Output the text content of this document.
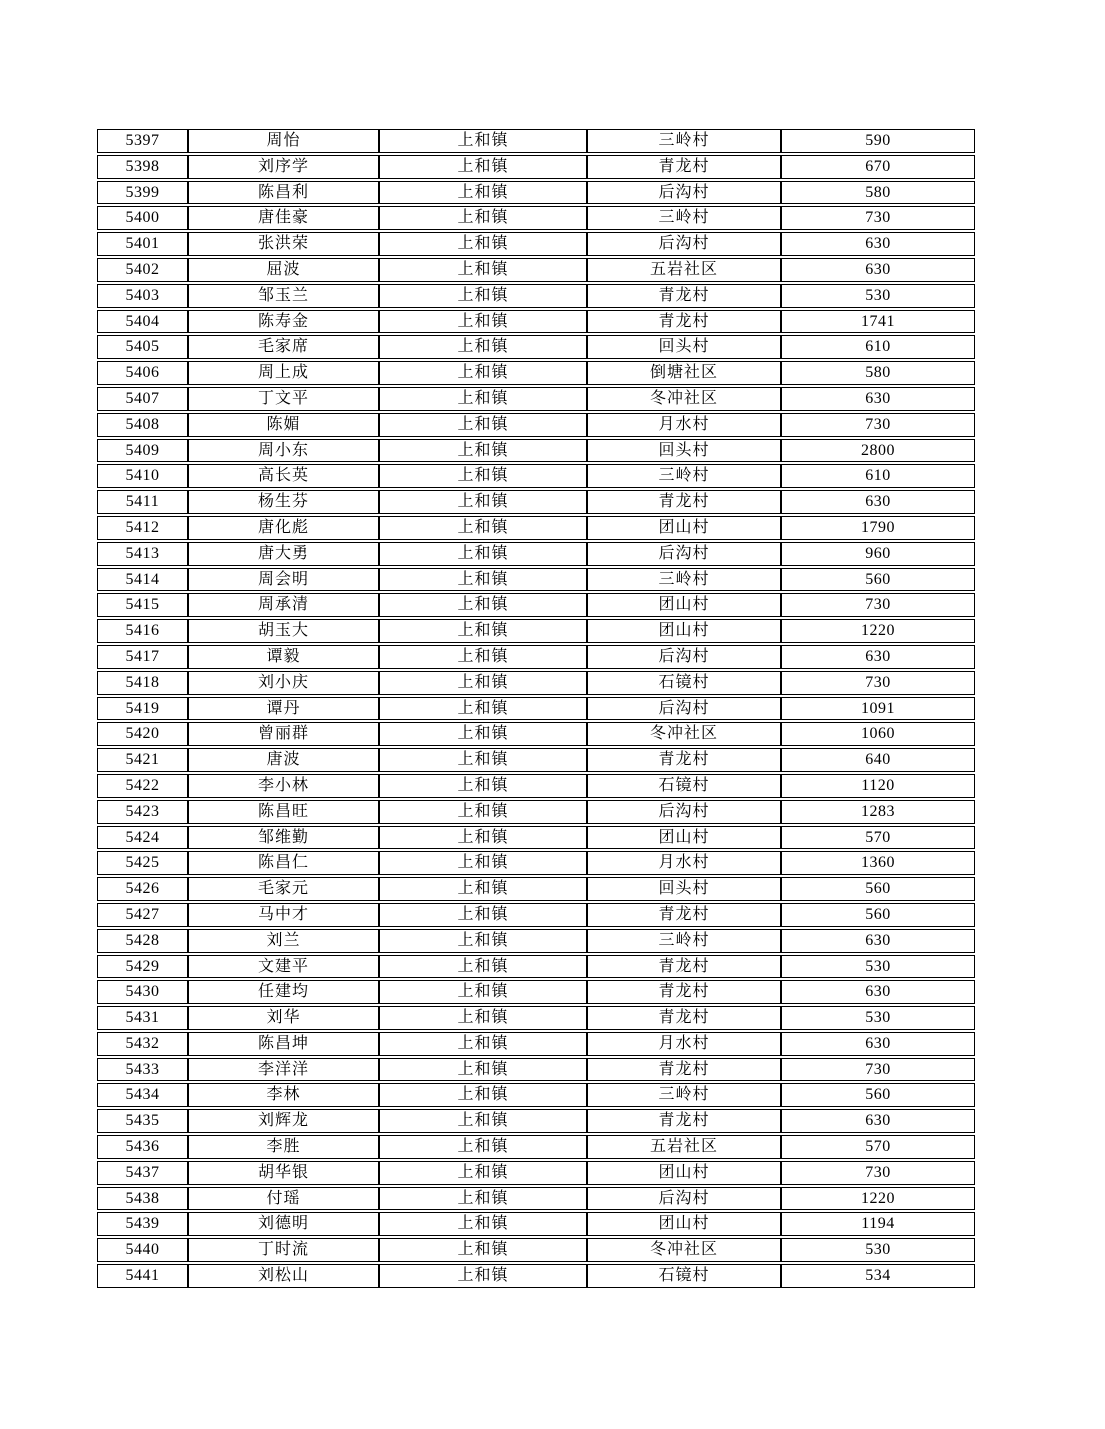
5397	周怡	上和镇	三岭村	590
5398	刘序学	上和镇	青龙村	670
5399	陈昌利	上和镇	后沟村	580
5400	唐佳豪	上和镇	三岭村	730
5401	张洪荣	上和镇	后沟村	630
5402	屈波	上和镇	五岩社区	630
5403	邹玉兰	上和镇	青龙村	530
5404	陈寿金	上和镇	青龙村	1741
5405	毛家席	上和镇	回头村	610
5406	周上成	上和镇	倒塘社区	580
5407	丁文平	上和镇	冬冲社区	630
5408	陈媚	上和镇	月水村	730
5409	周小东	上和镇	回头村	2800
5410	高长英	上和镇	三岭村	610
5411	杨生芬	上和镇	青龙村	630
5412	唐化彪	上和镇	团山村	1790
5413	唐大勇	上和镇	后沟村	960
5414	周会明	上和镇	三岭村	560
5415	周承清	上和镇	团山村	730
5416	胡玉大	上和镇	团山村	1220
5417	谭毅	上和镇	后沟村	630
5418	刘小庆	上和镇	石镜村	730
5419	谭丹	上和镇	后沟村	1091
5420	曾丽群	上和镇	冬冲社区	1060
5421	唐波	上和镇	青龙村	640
5422	李小林	上和镇	石镜村	1120
5423	陈昌旺	上和镇	后沟村	1283
5424	邹维勤	上和镇	团山村	570
5425	陈昌仁	上和镇	月水村	1360
5426	毛家元	上和镇	回头村	560
5427	马中才	上和镇	青龙村	560
5428	刘兰	上和镇	三岭村	630
5429	文建平	上和镇	青龙村	530
5430	任建均	上和镇	青龙村	630
5431	刘华	上和镇	青龙村	530
5432	陈昌坤	上和镇	月水村	630
5433	李洋洋	上和镇	青龙村	730
5434	李林	上和镇	三岭村	560
5435	刘辉龙	上和镇	青龙村	630
5436	李胜	上和镇	五岩社区	570
5437	胡华银	上和镇	团山村	730
5438	付瑶	上和镇	后沟村	1220
5439	刘德明	上和镇	团山村	1194
5440	丁时流	上和镇	冬冲社区	530
5441	刘松山	上和镇	石镜村	534
